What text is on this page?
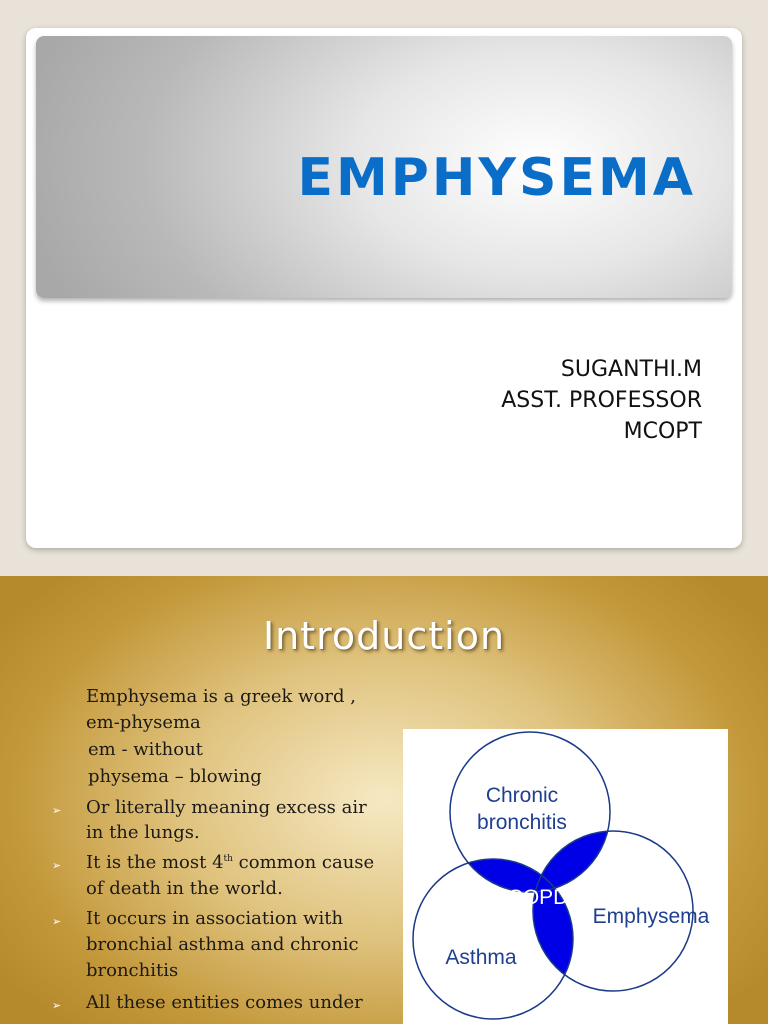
EMPHYSEMA
SUGANTHI.M
ASST. PROFESSOR
MCOPT
Introduction
Emphysema is a greek word ,
em-physema
em - without
physema – blowing
➢ Or literally meaning excess air
in the lungs.
➢ It is the most 4th common cause
of death in the world.
➢ It occurs in association with
bronchial asthma and chronic
bronchitis
➢ All these entities comes under
Chronic
bronchitis
COPD
Emphysema
Asthma
